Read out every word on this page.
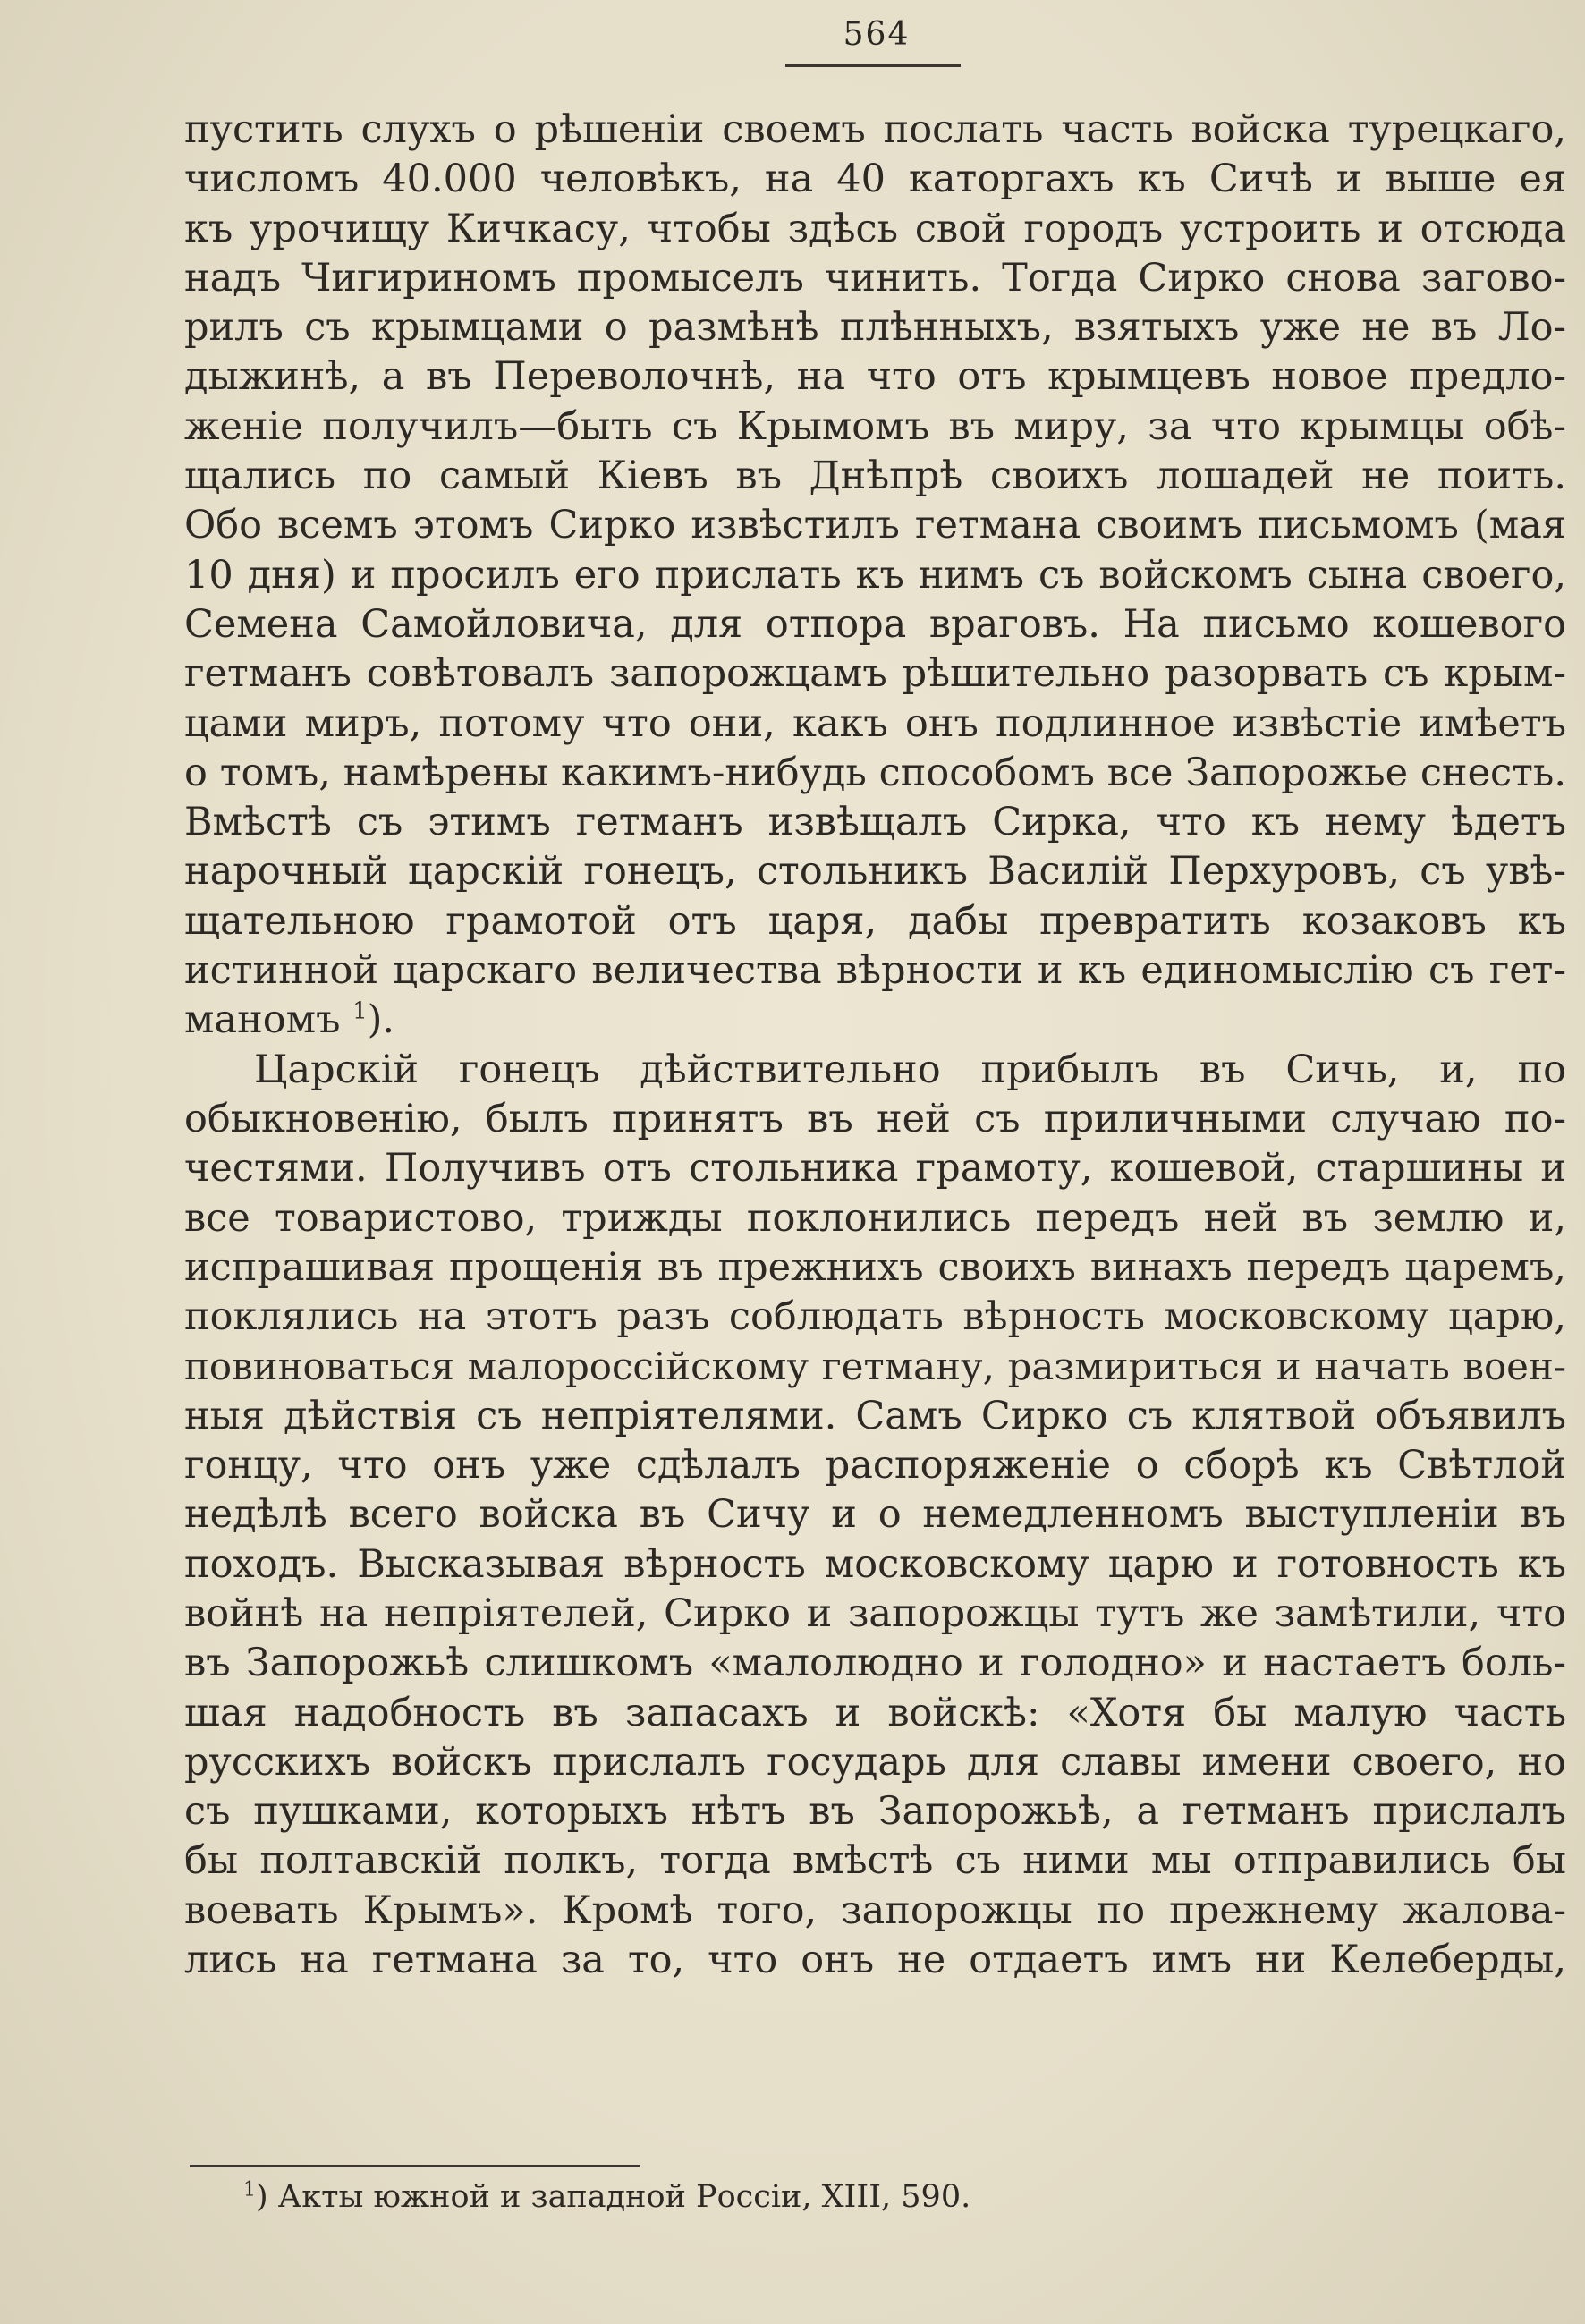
564
пустить слухъ о рѣшеніи своемъ послать часть войска турецкаго,
числомъ 40.000 человѣкъ, на 40 каторгахъ къ Сичѣ и выше ея
къ урочищу Кичкасу, чтобы здѣсь свой городъ устроить и отсюда
надъ Чигириномъ промыселъ чинить. Тогда Сирко снова загово-
рилъ съ крымцами о размѣнѣ плѣнныхъ, взятыхъ уже не въ Ло-
дыжинѣ, а въ Переволочнѣ, на что отъ крымцевъ новое предло-
женіе получилъ—быть съ Крымомъ въ миру, за что крымцы обѣ-
щались по самый Кіевъ въ Днѣпрѣ своихъ лошадей не поить.
Обо всемъ этомъ Сирко извѣстилъ гетмана своимъ письмомъ (мая
10 дня) и просилъ его прислать къ нимъ съ войскомъ сына своего,
Семена Самойловича, для отпора враговъ. На письмо кошевого
гетманъ совѣтовалъ запорожцамъ рѣшительно разорвать съ крым-
цами миръ, потому что они, какъ онъ подлинное извѣстіе имѣетъ
о томъ, намѣрены какимъ-нибудь способомъ все Запорожье снесть.
Вмѣстѣ съ этимъ гетманъ извѣщалъ Сирка, что къ нему ѣдетъ
нарочный царскій гонецъ, стольникъ Василій Перхуровъ, съ увѣ-
щательною грамотой отъ царя, дабы превратить козаковъ къ
истинной царскаго величества вѣрности и къ единомыслію съ гет-
маномъ $^1$).
Царскій гонецъ дѣйствительно прибылъ въ Сичь, и, по
обыкновенію, былъ принятъ въ ней съ приличными случаю по-
честями. Получивъ отъ стольника грамоту, кошевой, старшины и
все товаристово, трижды поклонились передъ ней въ землю и,
испрашивая прощенія въ прежнихъ своихъ винахъ передъ царемъ,
поклялись на этотъ разъ соблюдать вѣрность московскому царю,
повиноваться малороссійскому гетману, размириться и начать воен-
ныя дѣйствія съ непріятелями. Самъ Сирко съ клятвой объявилъ
гонцу, что онъ уже сдѣлалъ распоряженіе о сборѣ къ Свѣтлой
недѣлѣ всего войска въ Сичу и о немедленномъ выступленіи въ
походъ. Высказывая вѣрность московскому царю и готовность къ
войнѣ на непріятелей, Сирко и запорожцы тутъ же замѣтили, что
въ Запорожьѣ слишкомъ «малолюдно и голодно» и настаетъ боль-
шая надобность въ запасахъ и войскѣ: «Хотя бы малую часть
русскихъ войскъ прислалъ государь для славы имени своего, но
съ пушками, которыхъ нѣтъ въ Запорожьѣ, а гетманъ прислалъ
бы полтавскій полкъ, тогда вмѣстѣ съ ними мы отправились бы
воевать Крымъ». Кромѣ того, запорожцы по прежнему жалова-
лись на гетмана за то, что онъ не отдаетъ имъ ни Келеберды,
$^1$) Акты южной и западной Россіи, XIII, 590.
